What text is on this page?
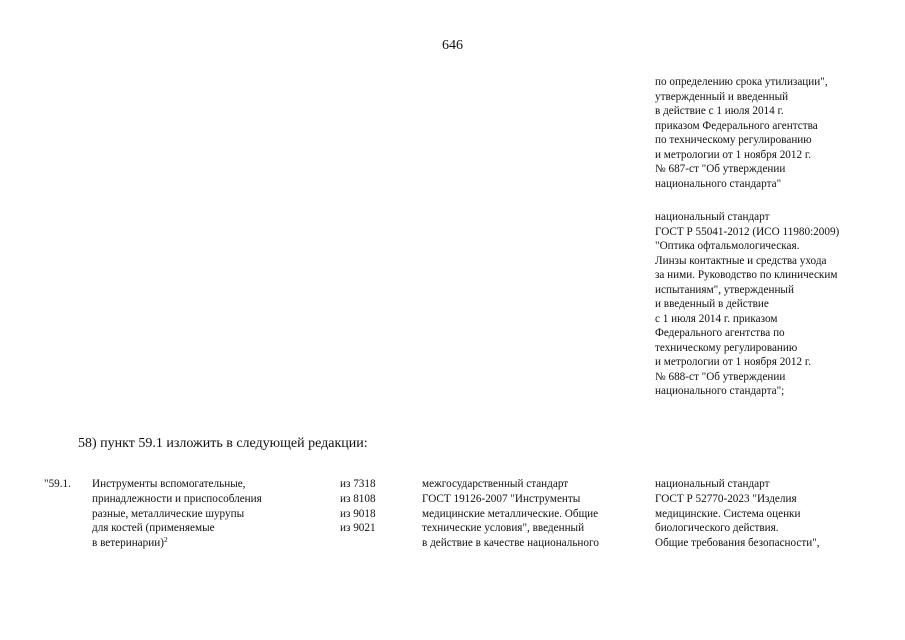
646
по определению срока утилизации",
утвержденный и введенный
в действие с 1 июля 2014 г.
приказом Федерального агентства
по техническому регулированию
и метрологии от 1 ноября 2012 г.
№ 687-ст "Об утверждении
национального стандарта"
национальный стандарт
ГОСТ Р 55041-2012 (ИСО 11980:2009)
"Оптика офтальмологическая.
Линзы контактные и средства ухода
за ними. Руководство по клиническим
испытаниям", утвержденный
и введенный в действие
с 1 июля 2014 г. приказом
Федерального агентства по
техническому регулированию
и метрологии от 1 ноября 2012 г.
№ 688-ст "Об утверждении
национального стандарта";
58) пункт 59.1 изложить в следующей редакции:
"59.1. Инструменты вспомогательные,
принадлежности и приспособления
разные, металлические шурупы
для костей (применяемые
в ветеринарии)$^2$
из 7318
из 8108
из 9018
из 9021
межгосударственный стандарт
ГОСТ 19126-2007 "Инструменты
медицинские металлические. Общие
технические условия", введенный
в действие в качестве национального
национальный стандарт
ГОСТ Р 52770-2023 "Изделия
медицинские. Система оценки
биологического действия.
Общие требования безопасности",
